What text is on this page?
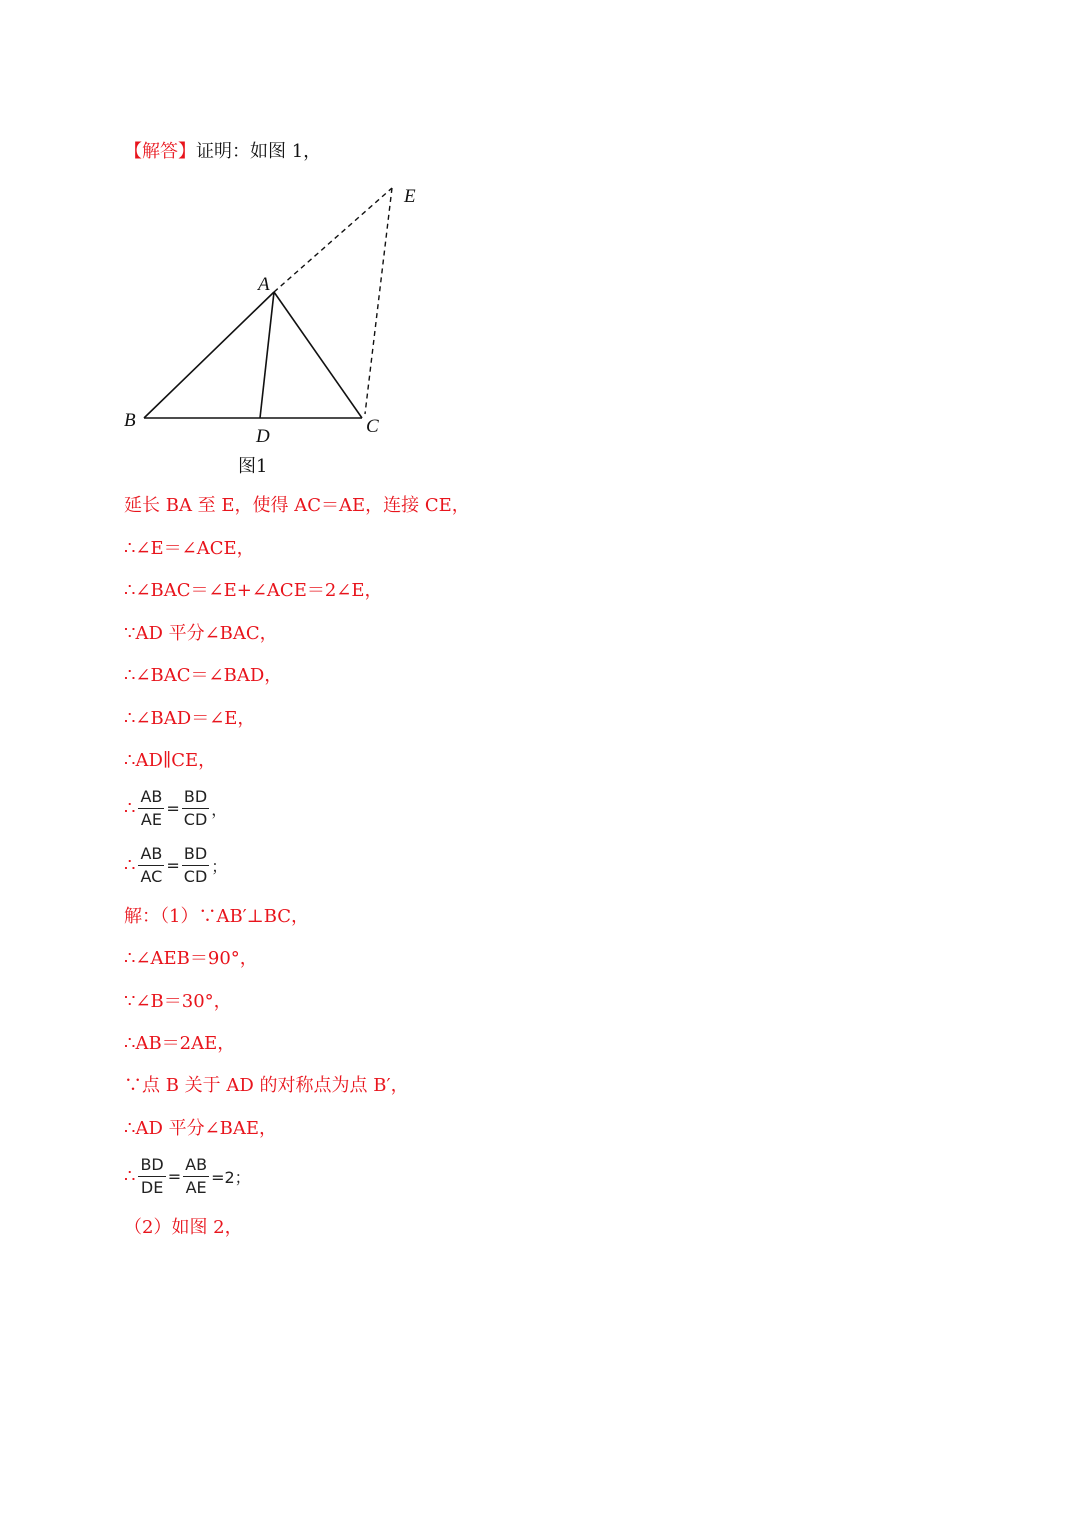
【解答】证明：如图 1，
A
B	C
D
E
图1
延长 BA 至 E，使得 AC＝AE，连接 CE，
∴∠E＝∠ACE，
∴∠BAC＝∠E+∠ACE＝2∠E，
∵AD 平分∠BAC，
∴∠BAC＝∠BAD，
∴∠BAD＝∠E，
∴AD∥CE，
∴ $\frac{AB}{AE} = \frac{BD}{CD}$ ，
∴ $\frac{AB}{AC} = \frac{BD}{CD}$ ；
解：（1）∵AB′⊥BC，
∴∠AEB＝90°，
∵∠B＝30°，
∴AB＝2AE，
∵点 B 关于 AD 的对称点为点 B′，
∴AD 平分∠BAE，
∴ $\frac{BD}{DE} = \frac{AB}{AE} =2$；
（2）如图 2，
